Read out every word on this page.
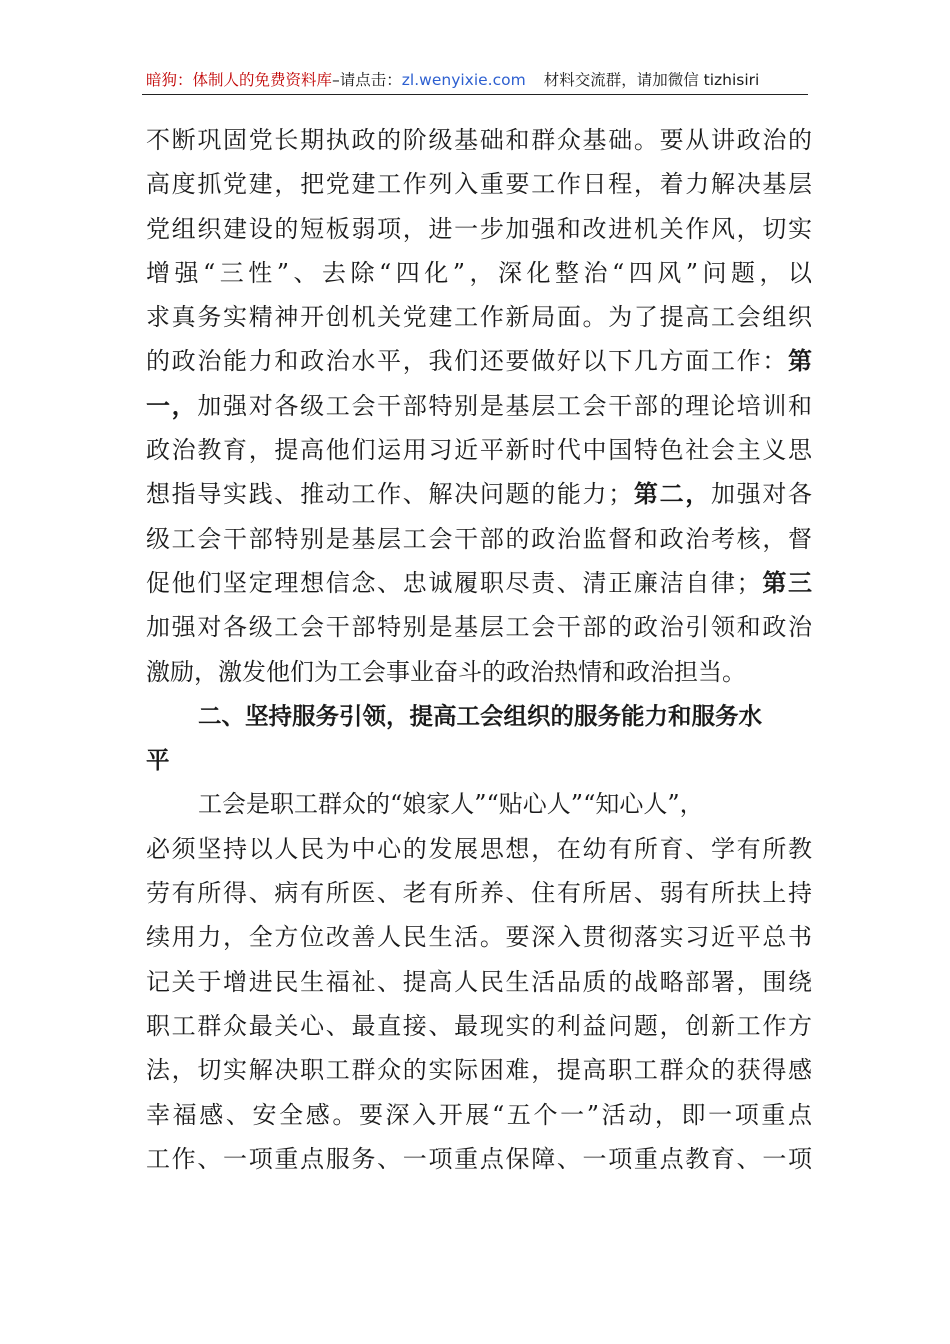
暗狗：体制人的免费资料库–请点击：zl.wenyixie.com 材料交流群，请加微信 tizhisiri
不断巩固党长期执政的阶级基础和群众基础。要从讲政治的
高度抓党建，把党建工作列入重要工作日程，着力解决基层
党组织建设的短板弱项，进一步加强和改进机关作风，切实
增强“三性”、去除“四化”，深化整治“四风”问题，以
求真务实精神开创机关党建工作新局面。为了提高工会组织
的政治能力和政治水平，我们还要做好以下几方面工作：第
一，加强对各级工会干部特别是基层工会干部的理论培训和
政治教育，提高他们运用习近平新时代中国特色社会主义思
想指导实践、推动工作、解决问题的能力；第二，加强对各
级工会干部特别是基层工会干部的政治监督和政治考核，督
促他们坚定理想信念、忠诚履职尽责、清正廉洁自律；第三
加强对各级工会干部特别是基层工会干部的政治引领和政治
激励，激发他们为工会事业奋斗的政治热情和政治担当。
二、坚持服务引领，提高工会组织的服务能力和服务水
平
工会是职工群众的“娘家人”“贴心人”“知心人”，
必须坚持以人民为中心的发展思想，在幼有所育、学有所教
劳有所得、病有所医、老有所养、住有所居、弱有所扶上持
续用力，全方位改善人民生活。要深入贯彻落实习近平总书
记关于增进民生福祉、提高人民生活品质的战略部署，围绕
职工群众最关心、最直接、最现实的利益问题，创新工作方
法，切实解决职工群众的实际困难，提高职工群众的获得感
幸福感、安全感。要深入开展“五个一”活动，即一项重点
工作、一项重点服务、一项重点保障、一项重点教育、一项
